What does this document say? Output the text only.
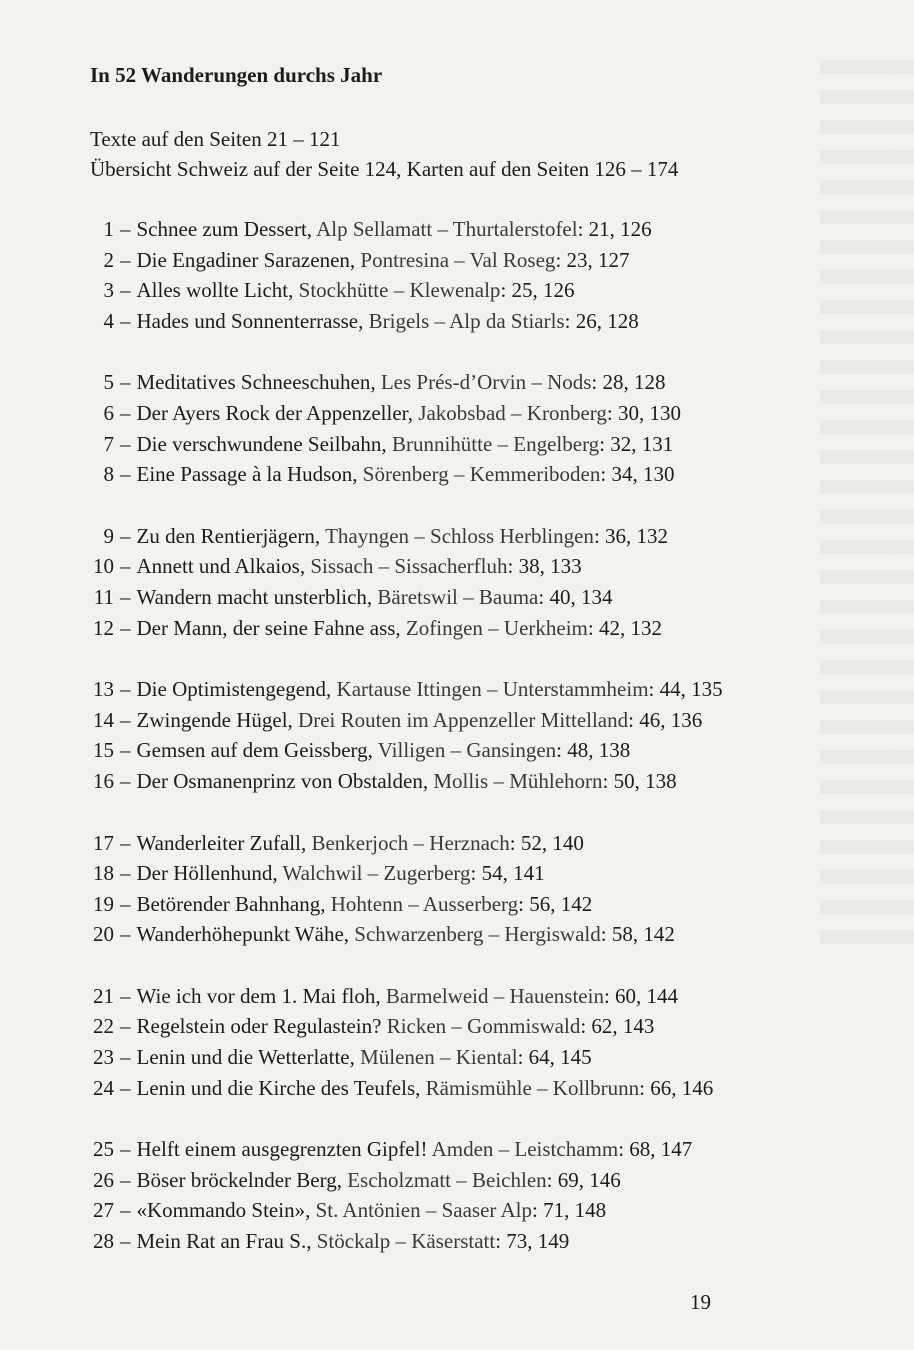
In 52 Wanderungen durchs Jahr

Texte auf den Seiten 21 – 121

Übersicht Schweiz auf der Seite 124, Karten auf den Seiten 126 – 174

1 – Schnee zum Dessert, Alp Sellamatt – Thurtalerstofel: 21, 126
2 – Die Engadiner Sarazenen, Pontresina – Val Roseg: 23, 127
3 – Alles wollte Licht, Stockhütte – Klewenalp: 25, 126
4 – Hades und Sonnenterrasse, Brigels – Alp da Stiarls: 26, 128
5 – Meditatives Schneeschuhen, Les Prés-d’Orvin – Nods: 28, 128
6 – Der Ayers Rock der Appenzeller, Jakobsbad – Kronberg: 30, 130
7 – Die verschwundene Seilbahn, Brunnihütte – Engelberg: 32, 131
8 – Eine Passage à la Hudson, Sörenberg – Kemmeriboden: 34, 130
9 – Zu den Rentierjägern, Thayngen – Schloss Herblingen: 36, 132
10 – Annett und Alkaios, Sissach – Sissacherfluh: 38, 133
11 – Wandern macht unsterblich, Bäretswil – Bauma: 40, 134
12 – Der Mann, der seine Fahne ass, Zofingen – Uerkheim: 42, 132
13 – Die Optimistengegend, Kartause Ittingen – Unterstammheim: 44, 135
14 – Zwingende Hügel, Drei Routen im Appenzeller Mittelland: 46, 136
15 – Gemsen auf dem Geissberg, Villigen – Gansingen: 48, 138
16 – Der Osmanenprinz von Obstalden, Mollis – Mühlehorn: 50, 138
17 – Wanderleiter Zufall, Benkerjoch – Herznach: 52, 140
18 – Der Höllenhund, Walchwil – Zugerberg: 54, 141
19 – Betörender Bahnhang, Hohtenn – Ausserberg: 56, 142
20 – Wanderhöhepunkt Wähe, Schwarzenberg – Hergiswald: 58, 142
21 – Wie ich vor dem 1. Mai floh, Barmelweid – Hauenstein: 60, 144
22 – Regelstein oder Regulastein? Ricken – Gommiswald: 62, 143
23 – Lenin und die Wetterlatte, Mülenen – Kiental: 64, 145
24 – Lenin und die Kirche des Teufels, Rämismühle – Kollbrunn: 66, 146
25 – Helft einem ausgegrenzten Gipfel! Amden – Leistchamm: 68, 147
26 – Böser bröckelnder Berg, Escholzmatt – Beichlen: 69, 146
27 – «Kommando Stein», St. Antönien – Saaser Alp: 71, 148
28 – Mein Rat an Frau S., Stöckalp – Käserstatt: 73, 149
19
